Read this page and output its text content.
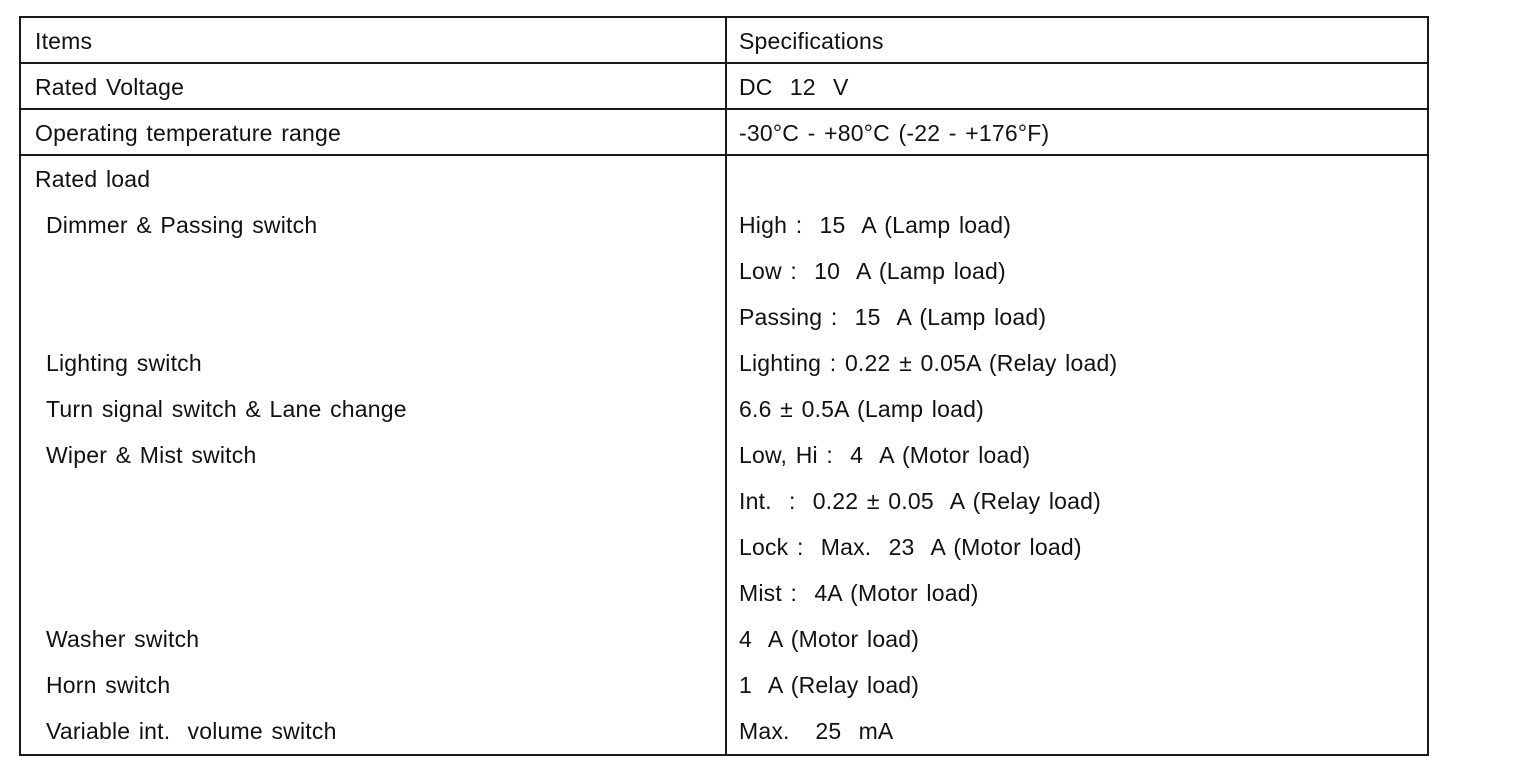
Items	Specifications
Rated Voltage	DC  12  V
Operating temperature range	-30°C - +80°C (-22 - +176°F)
Rated load
Dimmer & Passing switch	High :  15  A (Lamp load)
Low :  10  A (Lamp load)
Passing :  15  A (Lamp load)
Lighting switch	Lighting : 0.22 ± 0.05A (Relay load)
Turn signal switch & Lane change	6.6 ± 0.5A (Lamp load)
Wiper & Mist switch	Low, Hi :  4  A (Motor load)
Int.  :  0.22 ± 0.05  A (Relay load)
Lock :  Max.  23  A (Motor load)
Mist :  4A (Motor load)
Washer switch	4  A (Motor load)
Horn switch	1  A (Relay load)
Variable int.  volume switch	Max.   25  mA
